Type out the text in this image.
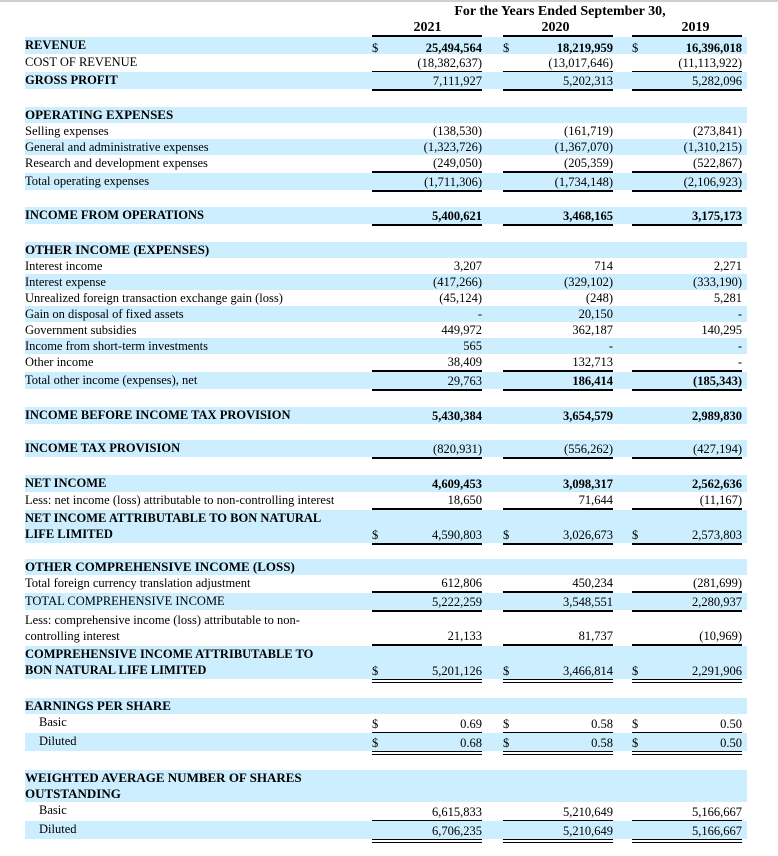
For the Years Ended September 30,
2021	2020	2019
REVENUE	$	25,494,564 $	18,219,959 $	16,396,018
COST OF REVENUE	(18,382,637)	(13,017,646)	(11,113,922)
GROSS PROFIT	7,111,927	5,202,313	5,282,096
OPERATING EXPENSES
Selling expenses	(138,530)	(161,719)	(273,841)
General and administrative expenses	(1,323,726)	(1,367,070)	(1,310,215)
Research and development expenses	(249,050)	(205,359)	(522,867)
Total operating expenses	(1,711,306)	(1,734,148)	(2,106,923)
INCOME FROM OPERATIONS	5,400,621	3,468,165	3,175,173
OTHER INCOME (EXPENSES)
Interest income	3,207	714	2,271
Interest expense	(417,266)	(329,102)	(333,190)
Unrealized foreign transaction exchange gain (loss)	(45,124)	(248)	5,281
Gain on disposal of fixed assets	-	20,150	-
Government subsidies	449,972	362,187	140,295
Income from short-term investments	565	-	-
Other income	38,409	132,713	-
Total other income (expenses), net	29,763	186,414	(185,343)
INCOME BEFORE INCOME TAX PROVISION	5,430,384	3,654,579	2,989,830
INCOME TAX PROVISION	(820,931)	(556,262)	(427,194)
NET INCOME	4,609,453	3,098,317	2,562,636
Less: net income (loss) attributable to non-controlling interest	18,650	71,644	(11,167)
NET INCOME ATTRIBUTABLE TO BON NATURAL
LIFE LIMITED	$	4,590,803 $	3,026,673 $	2,573,803
OTHER COMPREHENSIVE INCOME (LOSS)
Total foreign currency translation adjustment	612,806	450,234	(281,699)
TOTAL COMPREHENSIVE INCOME	5,222,259	3,548,551	2,280,937
Less: comprehensive income (loss) attributable to non-
controlling interest	21,133	81,737	(10,969)
COMPREHENSIVE INCOME ATTRIBUTABLE TO
BON NATURAL LIFE LIMITED	$	5,201,126 $	3,466,814 $	2,291,906
EARNINGS PER SHARE
Basic	$	0.69 $	0.58 $	0.50
Diluted	$	0.68 $	0.58 $	0.50
WEIGHTED AVERAGE NUMBER OF SHARES
OUTSTANDING
Basic	6,615,833	5,210,649	5,166,667
Diluted	6,706,235	5,210,649	5,166,667
